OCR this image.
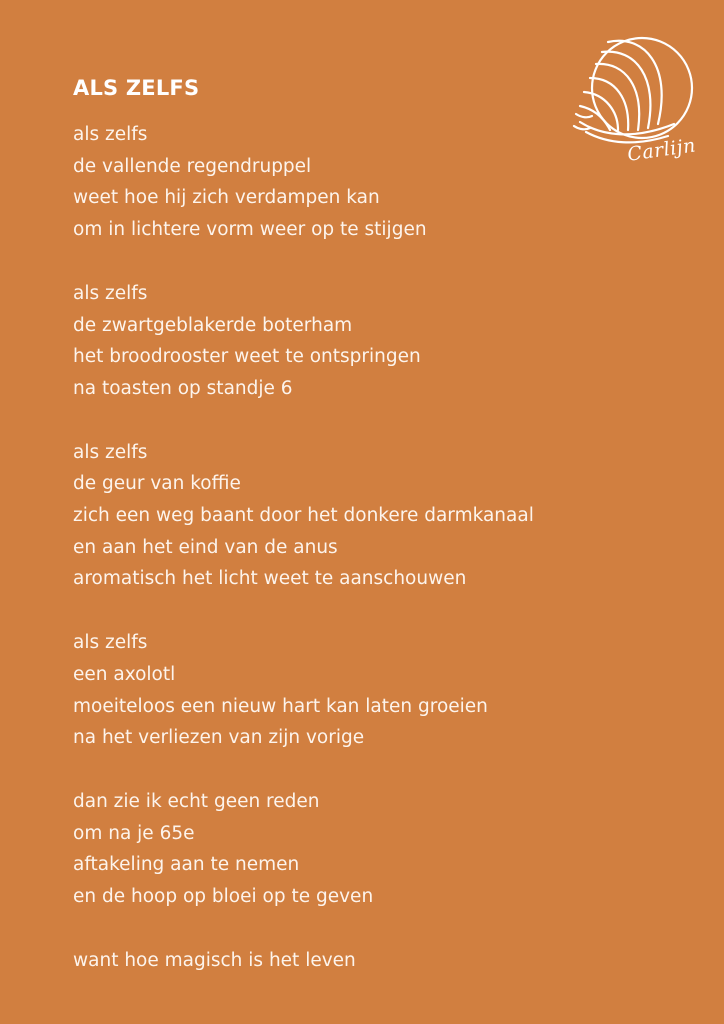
Carlijn
ALS ZELFS
als zelfs
de vallende regendruppel
weet hoe hij zich verdampen kan
om in lichtere vorm weer op te stijgen
als zelfs
de zwartgeblakerde boterham
het broodrooster weet te ontspringen
na toasten op standje 6
als zelfs
de geur van koffie
zich een weg baant door het donkere darmkanaal
en aan het eind van de anus
aromatisch het licht weet te aanschouwen
als zelfs
een axolotl
moeiteloos een nieuw hart kan laten groeien
na het verliezen van zijn vorige
dan zie ik echt geen reden
om na je 65e
aftakeling aan te nemen
en de hoop op bloei op te geven
want hoe magisch is het leven
